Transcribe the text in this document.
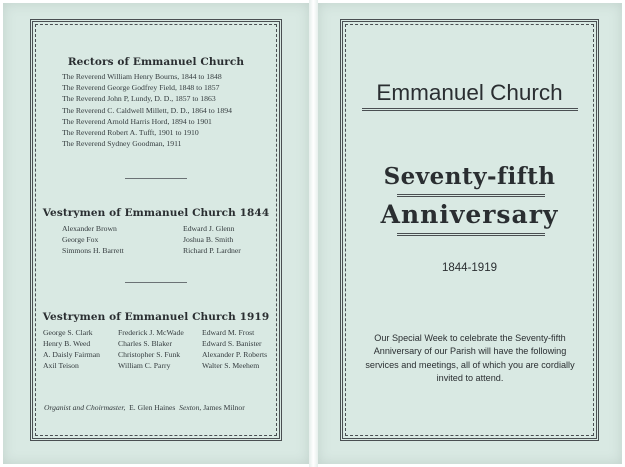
Rectors of Emmanuel Church
The Reverend William Henry Bourns, 1844 to 1848
The Reverend George Godfrey Field, 1848 to 1857
The Reverend John P, Lundy, D. D., 1857 to 1863
The Reverend C. Caldwell Millett, D. D., 1864 to 1894
The Reverend Arnold Harris Hord, 1894 to 1901
The Reverend Robert A. Tufft, 1901 to 1910
The Reverend Sydney Goodman, 1911
Vestrymen of Emmanuel Church 1844
Alexander Brown
George Fox
Simmons H. Barrett
Edward J. Glenn
Joshua B. Smith
Richard P. Lardner
Vestrymen of Emmanuel Church 1919
George S. Clark
Henry B. Weed
A. Daisly Fairman
Axil Teison
Frederick J. McWade
Charles S. Blaker
Christopher S. Funk
William C. Parry
Edward M. Frost
Edward S. Banister
Alexander P. Roberts
Walter S. Meehem
Organist and Choirmaster, E. Glen Haines Sexton, James Milnor
Emmanuel Church
Seventy-fifth
Anniversary
1844-1919
Our Special Week to celebrate the Seventy-fifth Anniversary of our Parish will have the following services and meetings, all of which you are cordially invited to attend.
